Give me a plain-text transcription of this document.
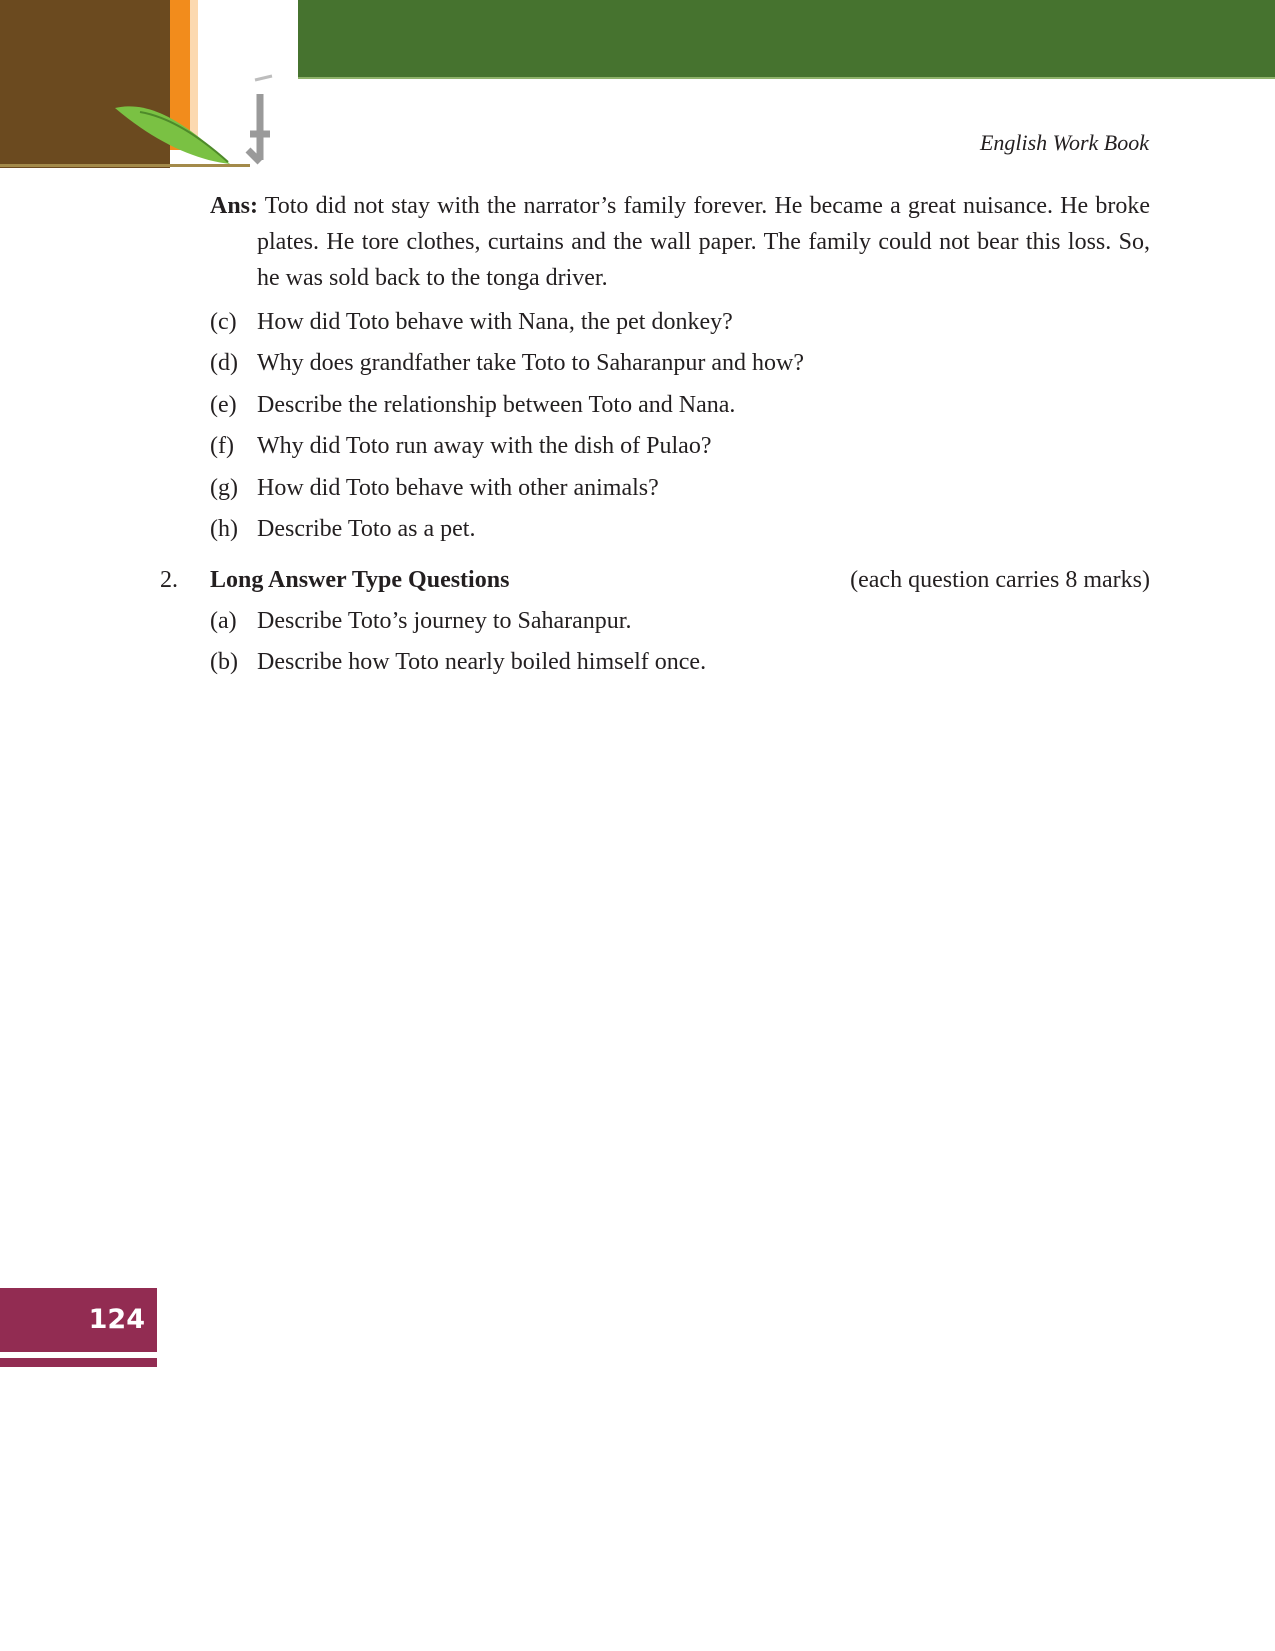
English Work Book
Ans: Toto did not stay with the narrator’s family forever. He became a great nuisance. He broke plates. He tore clothes, curtains and the wall paper. The family could not bear this loss. So, he was sold back to the tonga driver.
(c) How did Toto behave with Nana, the pet donkey?
(d) Why does grandfather take Toto to Saharanpur and how?
(e) Describe the relationship between Toto and Nana.
(f) Why did Toto run away with the dish of Pulao?
(g) How did Toto behave with other animals?
(h) Describe Toto as a pet.
2.	Long Answer Type Questions	(each question carries 8 marks)
(a) Describe Toto’s journey to Saharanpur.
(b) Describe how Toto nearly boiled himself once.
124
